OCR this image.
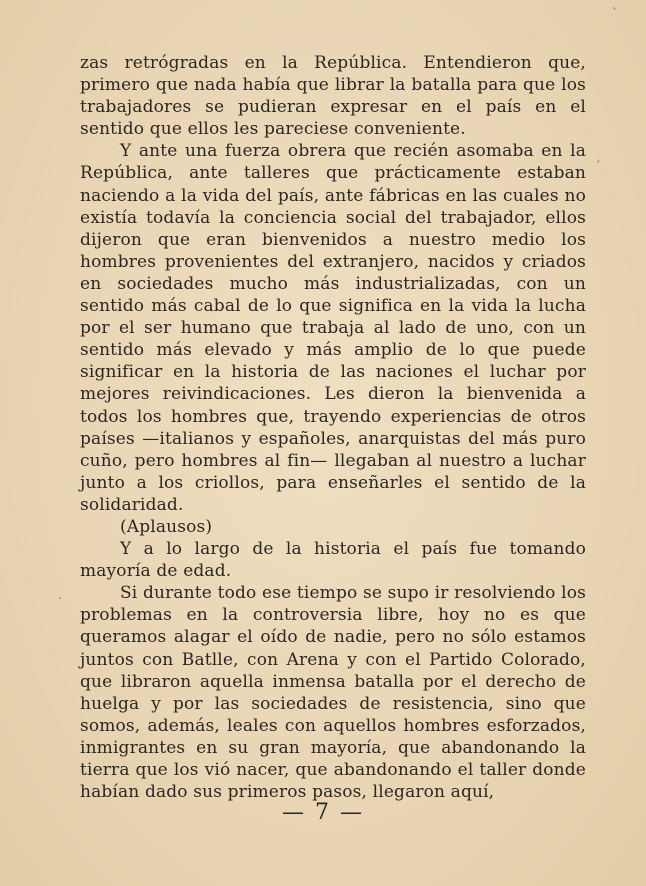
ˋ
ˏ
·

zas retrógradas en la República. Entendieron que, primero que nada había que librar la batalla para que los trabajadores se pudieran expresar en el país en el sentido que ellos les pareciese conveniente.

Y ante una fuerza obrera que recién asomaba en la República, ante talleres que prácticamente estaban naciendo a la vida del país, ante fábricas en las cuales no existía todavía la conciencia social del trabajador, ellos dijeron que eran bienvenidos a nuestro medio los hombres provenientes del extranjero, nacidos y criados en sociedades mucho más industrializadas, con un sentido más cabal de lo que significa en la vida la lucha por el ser humano que trabaja al lado de uno, con un sentido más elevado y más amplio de lo que puede significar en la historia de las naciones el luchar por mejores reivindicaciones. Les dieron la bienvenida a todos los hombres que, trayendo experiencias de otros países —italianos y españoles, anarquistas del más puro cuño, pero hombres al fin— llegaban al nuestro a luchar junto a los criollos, para enseñarles el sentido de la solidaridad.

(Aplausos)

Y a lo largo de la historia el país fue tomando mayoría de edad.

Si durante todo ese tiempo se supo ir resolviendo los problemas en la controversia libre, hoy no es que queramos alagar el oído de nadie, pero no sólo estamos juntos con Batlle, con Arena y con el Partido Colorado, que libraron aquella inmensa batalla por el derecho de huelga y por las sociedades de resistencia, sino que somos, además, leales con aquellos hombres esforzados, inmigrantes en su gran mayoría, que abandonando la tierra que los vió nacer, que abandonando el taller donde habían dado sus primeros pasos, llegaron aquí,

— 7 —
